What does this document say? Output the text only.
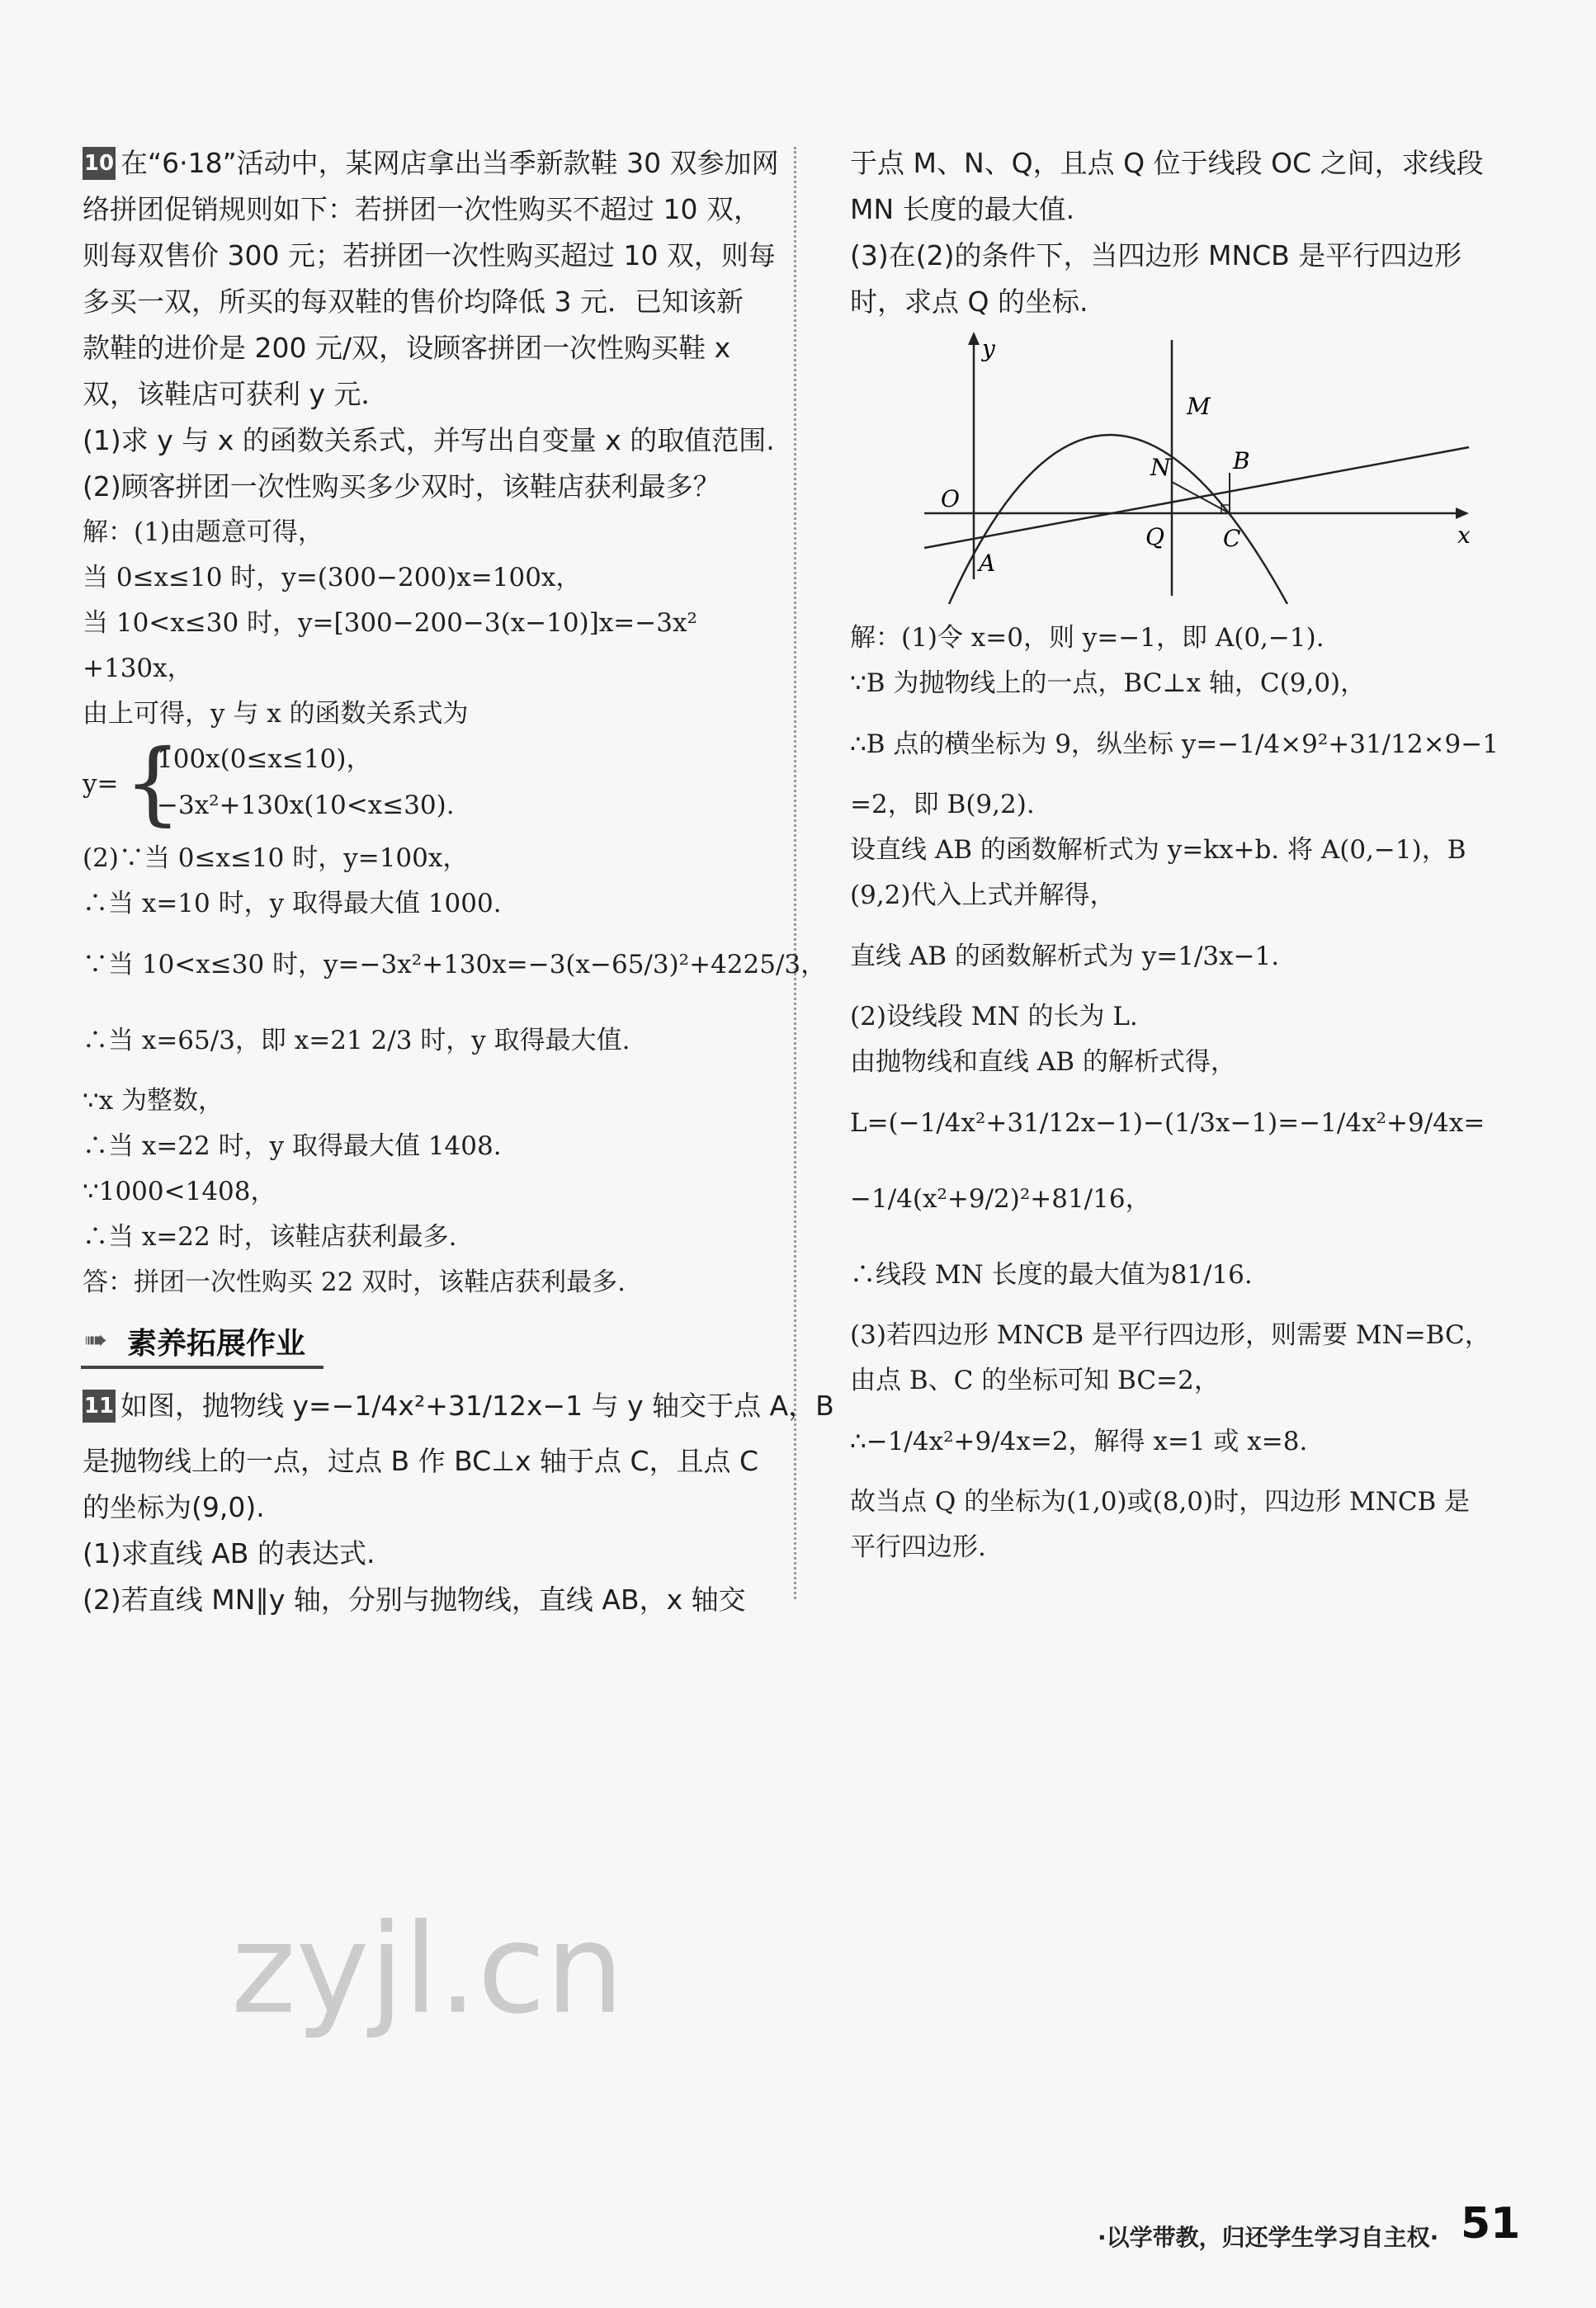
10 在“6·18”活动中，某网店拿出当季新款鞋 30 双参加网
络拼团促销规则如下：若拼团一次性购买不超过 10 双，
则每双售价 300 元；若拼团一次性购买超过 10 双，则每
多买一双，所买的每双鞋的售价均降低 3 元．已知该新
款鞋的进价是 200 元/双，设顾客拼团一次性购买鞋 x
双，该鞋店可获利 y 元．
(1)求 y 与 x 的函数关系式，并写出自变量 x 的取值范围.
(2)顾客拼团一次性购买多少双时，该鞋店获利最多？
解：(1)由题意可得，
当 0≤x≤10 时，y=(300−200)x=100x，
当 10<x≤30 时，y=[300−200−3(x−10)]x=−3x²
+130x，
由上可得，y 与 x 的函数关系式为
y= {
100x(0≤x≤10)，
−3x²+130x(10<x≤30).
(2)∵当 0≤x≤10 时，y=100x，
∴当 x=10 时，y 取得最大值 1000.
∵当 10<x≤30 时，y=−3x²+130x=−3(x−65/3)²+4225/3，
∴当 x=65/3，即 x=21 2/3 时，y 取得最大值.
∵x 为整数，
∴当 x=22 时，y 取得最大值 1408.
∵1000<1408，
∴当 x=22 时，该鞋店获利最多.
答：拼团一次性购买 22 双时，该鞋店获利最多.
➠ 素养拓展作业
11 如图，抛物线 y=−1/4x²+31/12x−1 与 y 轴交于点 A，B
是抛物线上的一点，过点 B 作 BC⊥x 轴于点 C，且点 C
的坐标为(9,0).
(1)求直线 AB 的表达式.
(2)若直线 MN∥y 轴，分别与抛物线，直线 AB，x 轴交
于点 M、N、Q，且点 Q 位于线段 OC 之间，求线段
MN 长度的最大值.
(3)在(2)的条件下，当四边形 MNCB 是平行四边形
时，求点 Q 的坐标.
y
x
O
A
M
N
Q
B
C
解：(1)令 x=0，则 y=−1，即 A(0,−1).
∵B 为抛物线上的一点，BC⊥x 轴，C(9,0)，
∴B 点的横坐标为 9，纵坐标 y=−1/4×9²+31/12×9−1
=2，即 B(9,2).
设直线 AB 的函数解析式为 y=kx+b. 将 A(0,−1)，B
(9,2)代入上式并解得，
直线 AB 的函数解析式为 y=1/3x−1.
(2)设线段 MN 的长为 L.
由抛物线和直线 AB 的解析式得，
L=(−1/4x²+31/12x−1)−(1/3x−1)=−1/4x²+9/4x=
−1/4(x²+9/2)²+81/16，
∴线段 MN 长度的最大值为81/16.
(3)若四边形 MNCB 是平行四边形，则需要 MN=BC，
由点 B、C 的坐标可知 BC=2，
∴−1/4x²+9/4x=2，解得 x=1 或 x=8.
故当点 Q 的坐标为(1,0)或(8,0)时，四边形 MNCB 是
平行四边形.
zyjl.cn
·以学带教，归还学生学习自主权· 51
